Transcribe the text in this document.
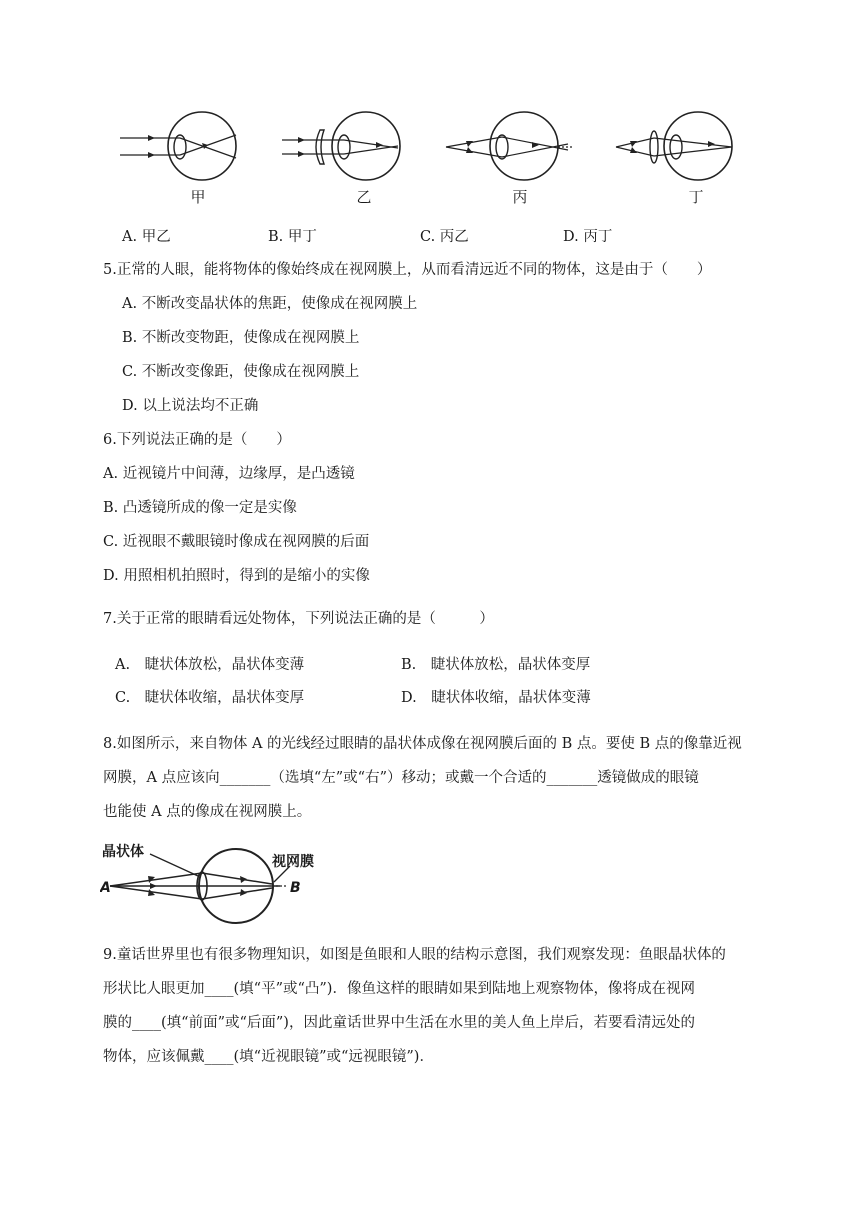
甲	乙	丙	丁
A. 甲乙	B. 甲丁	C. 丙乙	D. 丙丁
5.正常的人眼，能将物体的像始终成在视网膜上，从而看清远近不同的物体，这是由于（　　）
A. 不断改变晶状体的焦距，使像成在视网膜上
B. 不断改变物距，使像成在视网膜上
C. 不断改变像距，使像成在视网膜上
D. 以上说法均不正确
6.下列说法正确的是（　　）
A. 近视镜片中间薄，边缘厚，是凸透镜
B. 凸透镜所成的像一定是实像
C. 近视眼不戴眼镜时像成在视网膜的后面
D. 用照相机拍照时，得到的是缩小的实像
7.关于正常的眼睛看远处物体，下列说法正确的是（　　　）
A.　睫状体放松，晶状体变薄	B.　睫状体放松，晶状体变厚
C.　睫状体收缩，晶状体变厚	D.　睫状体收缩，晶状体变薄
8.如图所示，来自物体 A 的光线经过眼睛的晶状体成像在视网膜后面的 B 点。要使 B 点的像靠近视
网膜，A 点应该向_______（选填“左”或“右”）移动；或戴一个合适的_______透镜做成的眼镜
也能使 A 点的像成在视网膜上。
晶状体
视网膜
A	B
9.童话世界里也有很多物理知识，如图是鱼眼和人眼的结构示意图，我们观察发现：鱼眼晶状体的
形状比人眼更加____(填“平”或“凸”)．像鱼这样的眼睛如果到陆地上观察物体，像将成在视网
膜的____(填“前面”或“后面”)，因此童话世界中生活在水里的美人鱼上岸后，若要看清远处的
物体，应该佩戴____(填“近视眼镜”或“远视眼镜”)．
